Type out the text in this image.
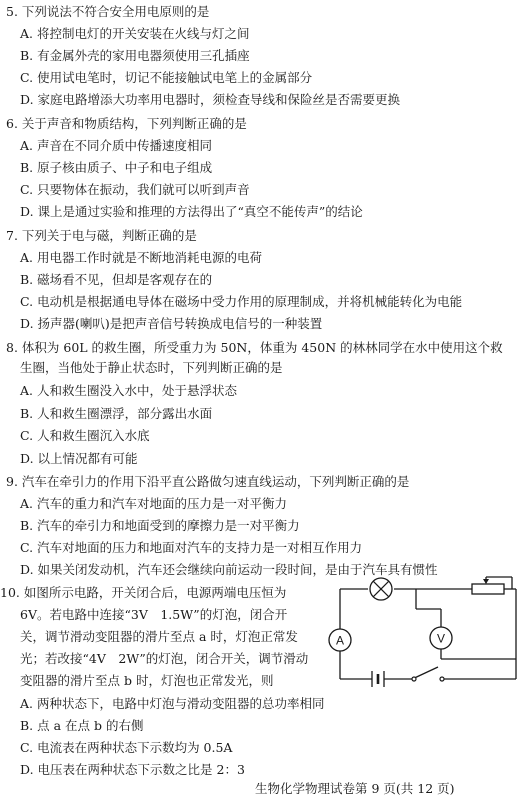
5. 下列说法不符合安全用电原则的是
A. 将控制电灯的开关安装在火线与灯之间
B. 有金属外壳的家用电器须使用三孔插座
C. 使用试电笔时，切记不能接触试电笔上的金属部分
D. 家庭电路增添大功率用电器时，须检查导线和保险丝是否需要更换
6. 关于声音和物质结构，下列判断正确的是
A. 声音在不同介质中传播速度相同
B. 原子核由质子、中子和电子组成
C. 只要物体在振动，我们就可以听到声音
D. 课上是通过实验和推理的方法得出了“真空不能传声”的结论
7. 下列关于电与磁，判断正确的是
A. 用电器工作时就是不断地消耗电源的电荷
B. 磁场看不见，但却是客观存在的
C. 电动机是根据通电导体在磁场中受力作用的原理制成，并将机械能转化为电能
D. 扬声器(喇叭)是把声音信号转换成电信号的一种装置
8. 体积为 60L 的救生圈，所受重力为 50N，体重为 450N 的林林同学在水中使用这个救
生圈，当他处于静止状态时，下列判断正确的是
A. 人和救生圈没入水中，处于悬浮状态
B. 人和救生圈漂浮，部分露出水面
C. 人和救生圈沉入水底
D. 以上情况都有可能
9. 汽车在牵引力的作用下沿平直公路做匀速直线运动，下列判断正确的是
A. 汽车的重力和汽车对地面的压力是一对平衡力
B. 汽车的牵引力和地面受到的摩擦力是一对平衡力
C. 汽车对地面的压力和地面对汽车的支持力是一对相互作用力
D. 如果关闭发动机，汽车还会继续向前运动一段时间，是由于汽车具有惯性
10. 如图所示电路，开关闭合后，电源两端电压恒为
6V。若电路中连接“3V　1.5W”的灯泡，闭合开
关，调节滑动变阻器的滑片至点 a 时，灯泡正常发
光；若改接“4V　2W”的灯泡，闭合开关，调节滑动
变阻器的滑片至点 b 时，灯泡也正常发光，则
A. 两种状态下，电路中灯泡与滑动变阻器的总功率相同
B. 点 a 在点 b 的右侧
C. 电流表在两种状态下示数均为 0.5A
D. 电压表在两种状态下示数之比是 2：3
A	V
生物化学物理试卷第 9 页(共 12 页)
